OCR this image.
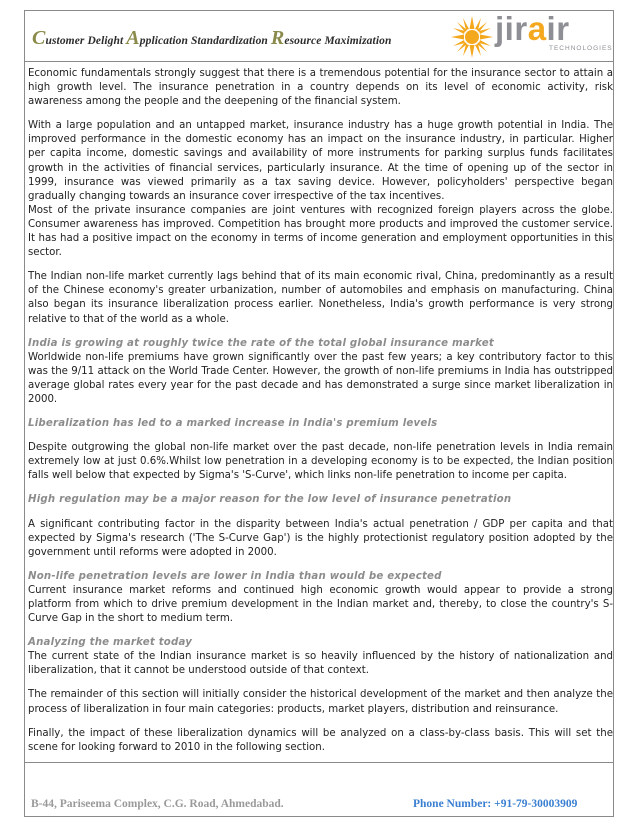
Customer Delight Application Standardization Resource Maximization	jirair
TECHNOLOGIES

Economic fundamentals strongly suggest that there is a tremendous potential for the insurance sector to attain a high growth level. The insurance penetration in a country depends on its level of economic activity, risk awareness among the people and the deepening of the financial system.

With a large population and an untapped market, insurance industry has a huge growth potential in India. The improved performance in the domestic economy has an impact on the insurance industry, in particular. Higher per capita income, domestic savings and availability of more instruments for parking surplus funds facilitates growth in the activities of financial services, particularly insurance. At the time of opening up of the sector in 1999, insurance was viewed primarily as a tax saving device. However, policyholders' perspective began gradually changing towards an insurance cover irrespective of the tax incentives.

Most of the private insurance companies are joint ventures with recognized foreign players across the globe. Consumer awareness has improved. Competition has brought more products and improved the customer service. It has had a positive impact on the economy in terms of income generation and employment opportunities in this sector.

The Indian non-life market currently lags behind that of its main economic rival, China, predominantly as a result of the Chinese economy's greater urbanization, number of automobiles and emphasis on manufacturing. China also began its insurance liberalization process earlier. Nonetheless, India's growth performance is very strong relative to that of the world as a whole.

India is growing at roughly twice the rate of the total global insurance market

Worldwide non-life premiums have grown significantly over the past few years; a key contributory factor to this was the 9/11 attack on the World Trade Center. However, the growth of non-life premiums in India has outstripped average global rates every year for the past decade and has demonstrated a surge since market liberalization in 2000.

Liberalization has led to a marked increase in India's premium levels

Despite outgrowing the global non-life market over the past decade, non-life penetration levels in India remain extremely low at just 0.6%.Whilst low penetration in a developing economy is to be expected, the Indian position falls well below that expected by Sigma's 'S-Curve', which links non-life penetration to income per capita.

High regulation may be a major reason for the low level of insurance penetration

A significant contributing factor in the disparity between India's actual penetration / GDP per capita and that expected by Sigma's research ('The S-Curve Gap') is the highly protectionist regulatory position adopted by the government until reforms were adopted in 2000.

Non-life penetration levels are lower in India than would be expected

Current insurance market reforms and continued high economic growth would appear to provide a strong platform from which to drive premium development in the Indian market and, thereby, to close the country's S-Curve Gap in the short to medium term.

Analyzing the market today

The current state of the Indian insurance market is so heavily influenced by the history of nationalization and liberalization, that it cannot be understood outside of that context.

The remainder of this section will initially consider the historical development of the market and then analyze the process of liberalization in four main categories: products, market players, distribution and reinsurance.

Finally, the impact of these liberalization dynamics will be analyzed on a class-by-class basis. This will set the scene for looking forward to 2010 in the following section.

B-44, Pariseema Complex, C.G. Road, Ahmedabad.	Phone Number: +91-79-30003909
